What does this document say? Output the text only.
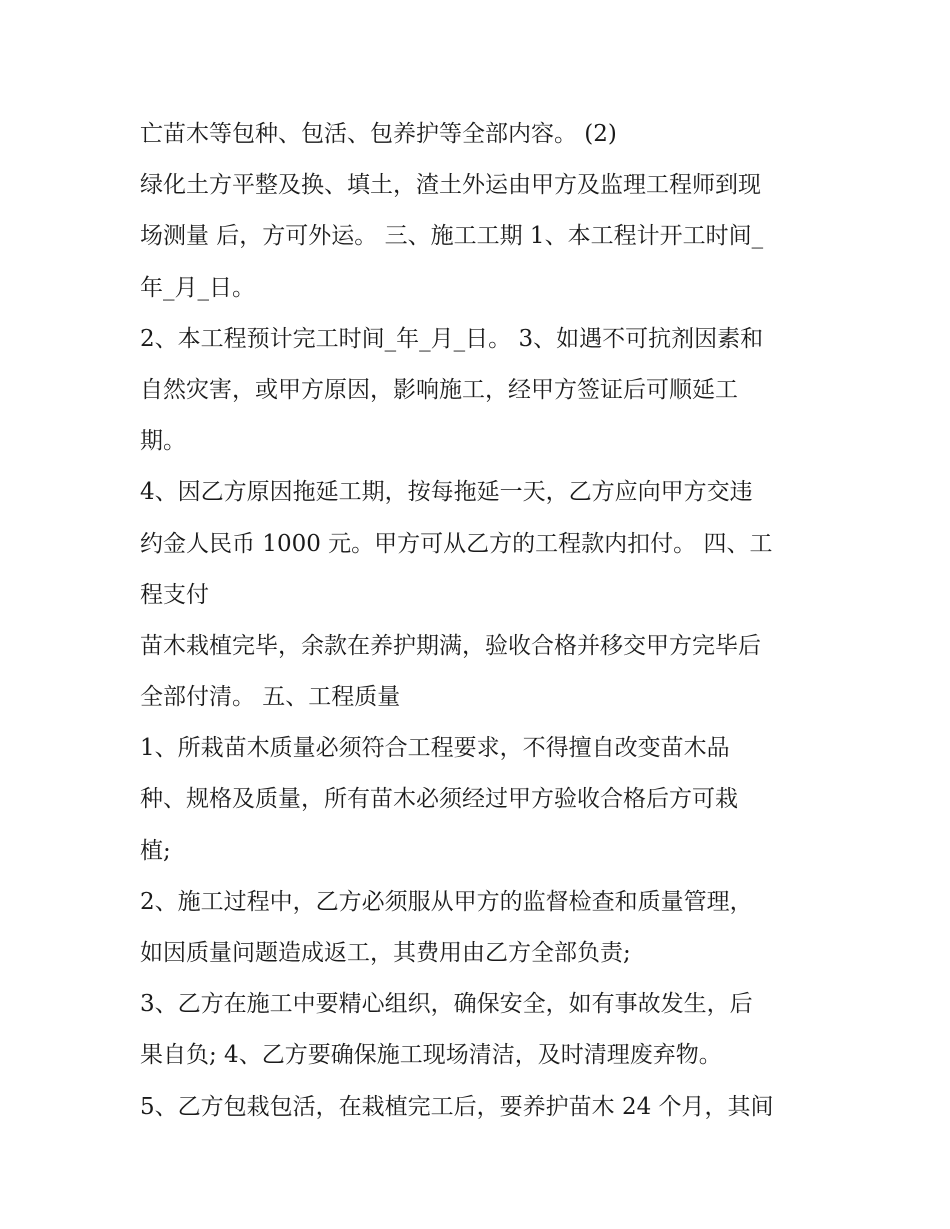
亡苗木等包种、包活、包养护等全部内容。 (2)
绿化土方平整及换、填土，渣土外运由甲方及监理工程师到现
场测量 后，方可外运。 三、施工工期 1、本工程计开工时间_
年_月_日。
2、本工程预计完工时间_年_月_日。 3、如遇不可抗剂因素和
自然灾害，或甲方原因，影响施工，经甲方签证后可顺延工
期。
4、因乙方原因拖延工期，按每拖延一天，乙方应向甲方交违
约金人民币 1000 元。甲方可从乙方的工程款内扣付。 四、工
程支付
苗木栽植完毕，余款在养护期满，验收合格并移交甲方完毕后
全部付清。 五、工程质量
1、所栽苗木质量必须符合工程要求，不得擅自改变苗木品
种、规格及质量，所有苗木必须经过甲方验收合格后方可栽
植;
2、施工过程中，乙方必须服从甲方的监督检查和质量管理，
如因质量问题造成返工，其费用由乙方全部负责;
3、乙方在施工中要精心组织，确保安全，如有事故发生，后
果自负; 4、乙方要确保施工现场清洁，及时清理废弃物。
5、乙方包栽包活，在栽植完工后，要养护苗木 24 个月，其间
